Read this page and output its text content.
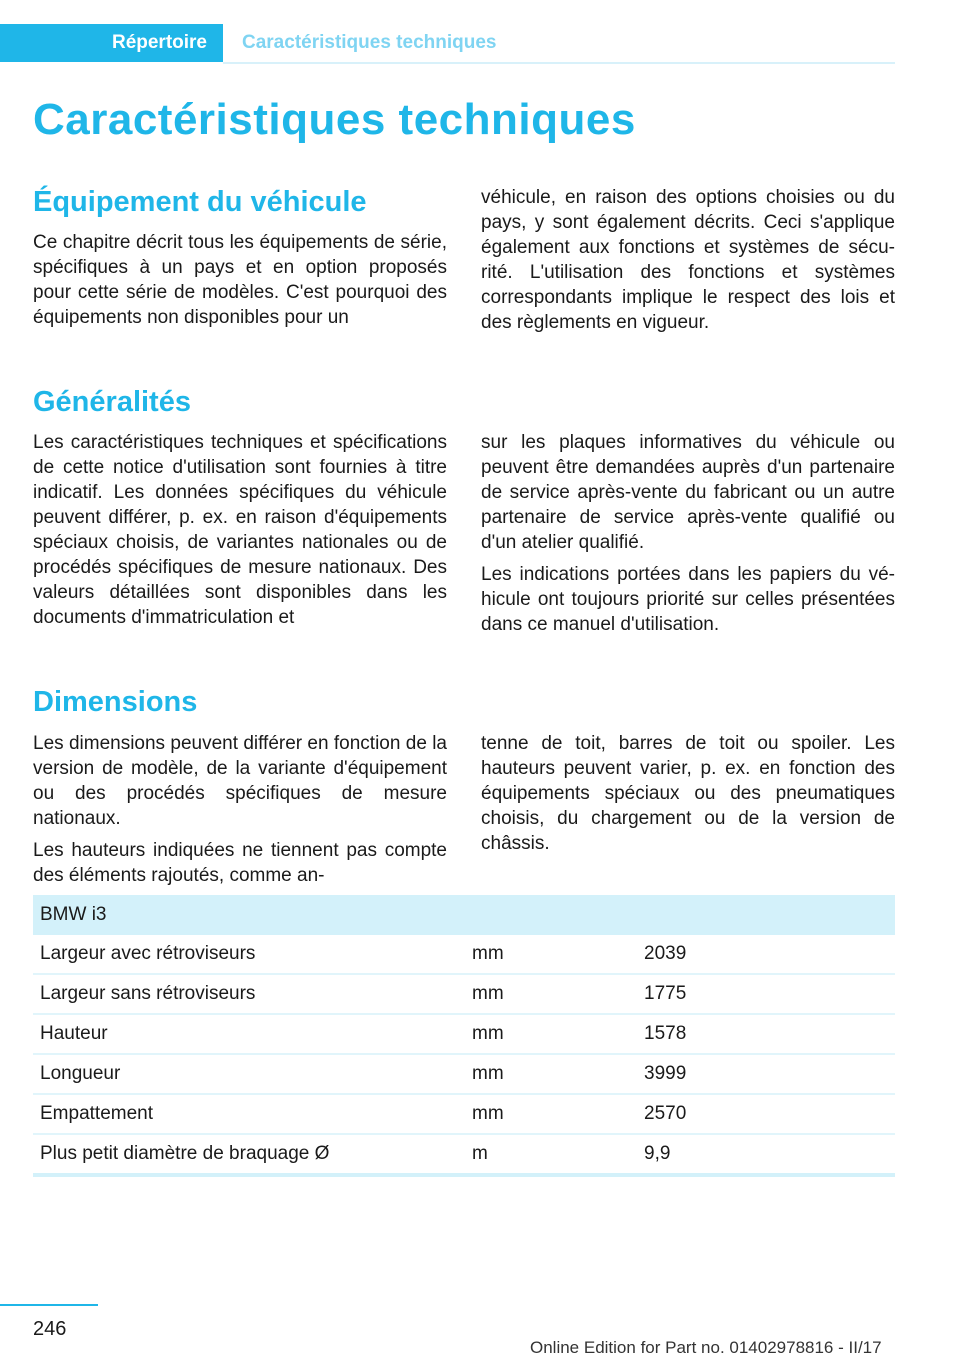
Répertoire	Caractéristiques techniques
Caractéristiques techniques
Équipement du véhicule

Ce chapitre décrit tous les équipements de série, spécifiques à un pays et en option proposés pour cette série de modèles. C'est pourquoi des équipements non disponibles pour un

véhicule, en raison des options choisies ou du pays, y sont également décrits. Ceci s'applique également aux fonctions et systèmes de sécurité. L'utilisation des fonctions et systèmes correspondants implique le respect des lois et des règlements en vigueur.

Généralités

Les caractéristiques techniques et spécifications de cette notice d'utilisation sont fournies à titre indicatif. Les données spécifiques du véhicule peuvent différer, p. ex. en raison d'équipements spéciaux choisis, de variantes nationales ou de procédés spécifiques de mesure nationaux. Des valeurs détaillées sont disponibles dans les documents d'immatriculation et

sur les plaques informatives du véhicule ou peuvent être demandées auprès d'un partenaire de service après-vente du fabricant ou un autre partenaire de service après-vente qualifié ou d'un atelier qualifié.

Les indications portées dans les papiers du véhicule ont toujours priorité sur celles présentées dans ce manuel d'utilisation.

Dimensions

Les dimensions peuvent différer en fonction de la version de modèle, de la variante d'équipement ou des procédés spécifiques de mesure nationaux.

Les hauteurs indiquées ne tiennent pas compte des éléments rajoutés, comme an-

tenne de toit, barres de toit ou spoiler. Les hauteurs peuvent varier, p. ex. en fonction des équipements spéciaux ou des pneumatiques choisis, du chargement ou de la version de châssis.

BMW i3		
Largeur avec rétroviseurs	mm	2039
Largeur sans rétroviseurs	mm	1775
Hauteur	mm	1578
Longueur	mm	3999
Empattement	mm	2570
Plus petit diamètre de braquage Ø	m	9,9
246
Online Edition for Part no. 01402978816 - II/17
